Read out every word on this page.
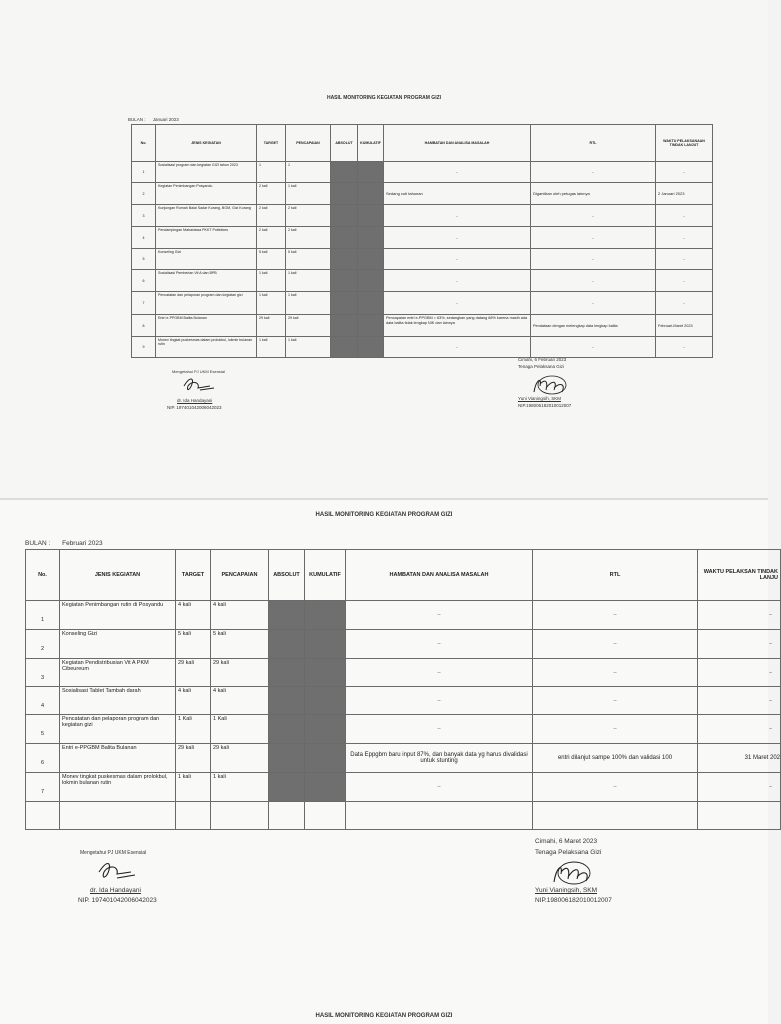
HASIL MONITORING KEGIATAN PROGRAM GIZI
BULAN : Januari 2023
No.	JENIS KEGIATAN	TARGET	PENCAPAIAN	ABSOLUT	KUMULATIF	HAMBATAN DAN ANALISA MASALAH	RTL	WAKTU PELAKSANAAN TINDAK LANJUT
1	Sosialisasi program dan kegiatan GIZI tahun 2023	1	1			–	–	–
2	Kegiatan Penimbangan Posyandu	2 kali	1 kali			Sedang cuti tahunan	Digantikan oleh petugas lainnya	2 Januari 2023
3	Kunjungan Rumah Balai Sadar Kurang, BGM, Gizi Kurang	2 kali	2 kali			–	–	–
4	Pendampingan Mahasiswa PKKT Poltekkes	2 kali	2 kali			–	–	–
5	Konseling Gizi	5 kali	5 kali			–	–	–
6	Sosialisasi Pemberian Vit A dan BPB	1 kali	1 kali			–	–	–
7	Pencatatan dan pelaporan program dan kegiatan gizi	1 kali	1 kali			–	–	–
8	Entri e-PPGBM Balita Bulanan	29 kali	29 kali			Pencapaian entri e-PPGBM = 63%, sedangkan yang datang 68% karena masih ada data balita tidak lengkap NIK dan lainnya	Pendataan dengan melengkap data lengkap balita	Februari-Maret 2023
9	Monev tingkat puskesmas dalam prolokbul, lokmin bulanan rutin	1 kali	1 kali			–	–	–
Mengetahui PJ UKM Esensial
dr. Ida Handayani
NIP. 197401042006042023
Cimahi, 6 Februari 2023
Tenaga Pelaksana Gizi
Yuni Vianingsih, SKM
NIP.198006182010012007
HASIL MONITORING KEGIATAN PROGRAM GIZI
BULAN : Februari 2023
No.	JENIS KEGIATAN	TARGET	PENCAPAIAN	ABSOLUT	KUMULATIF	HAMBATAN DAN ANALISA MASALAH	RTL	WAKTU PELAKSAN TINDAK LANJU
1	Kegiatan Penimbangan rutin di Posyandu	4 kali	4 kali			–	–	–
2	Konseling Gizi	5 kali	5 kali			–	–	–
3	Kegiatan Pendistribusian Vit A PKM Cibeureum	29 kali	29 kali			–	–	–
4	Sosialisasi Tablet Tambah darah	4 kali	4 kali			–	–	–
5	Pencatatan dan pelaporan program dan kegiatan gizi	1 Kali	1 Kali			–	–	–
6	Entri e-PPGBM Balita Bulanan	29 kali	29 kali			Data Eppgbm baru input 87%, dan banyak data yg harus divalidasi untuk stunting	entri dilanjut sampe 100% dan validasi 100	31 Maret 202
7	Monev tingkat puskesmas dalam prolokbul, lokmin bulanan rutin	1 kali	1 kali			–	–	–

Mengetahui PJ UKM Esensial
dr. Ida Handayani
NIP. 197401042006042023
Cimahi, 6 Maret 2023
Tenaga Pelaksana Gizi
Yuni Vianingsih, SKM
NIP.198006182010012007
HASIL MONITORING KEGIATAN PROGRAM GIZI
